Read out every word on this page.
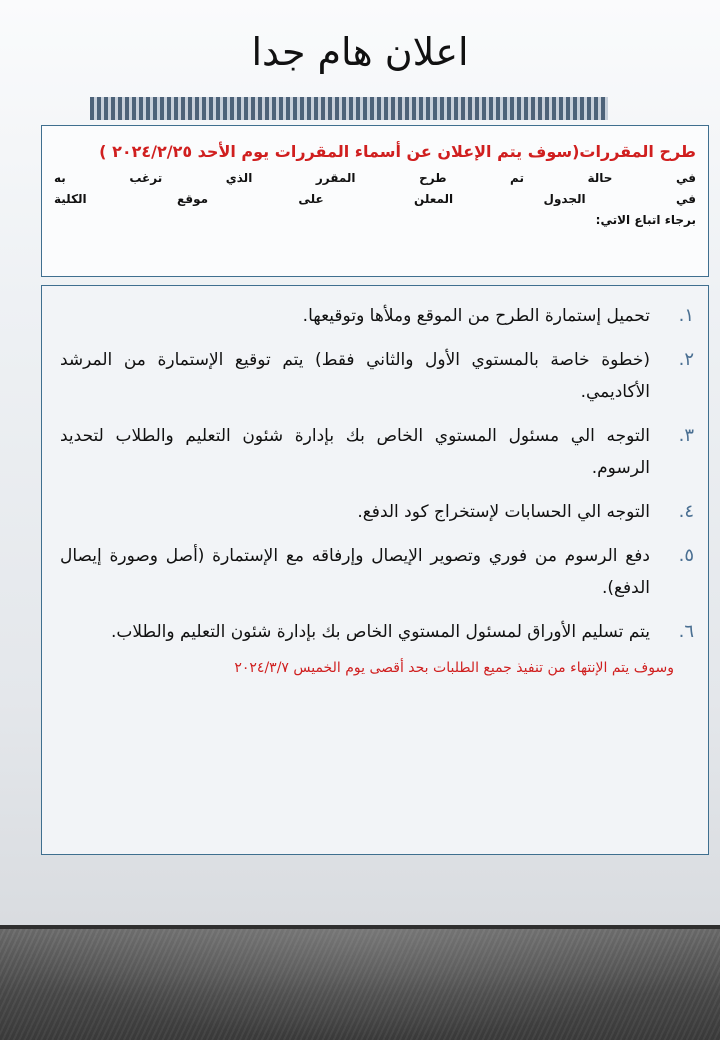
اعلان هام جدا
طرح المقررات(سوف يتم الإعلان عن أسماء المقررات يوم الأحد ٢٠٢٤/٢/٢٥ )
في حالة تم طرح المقرر الذي ترغب به
في الجدول المعلن على موقع الكلية
برجاء اتباع الاتي:
١.
تحميل إستمارة الطرح من الموقع وملأها وتوقيعها.
٢.
(خطوة خاصة بالمستوي الأول والثاني فقط) يتم توقيع الإستمارة من المرشد الأكاديمي.
٣.
التوجه الي مسئول المستوي الخاص بك بإدارة شئون التعليم والطلاب لتحديد الرسوم.
٤.
التوجه الي الحسابات لإستخراج كود الدفع.
٥.
دفع الرسوم من فوري وتصوير الإيصال وإرفاقه مع الإستمارة (أصل وصورة إيصال الدفع).
٦.
يتم تسليم الأوراق لمسئول المستوي الخاص بك بإدارة شئون التعليم والطلاب.
وسوف يتم الإنتهاء من تنفيذ جميع الطلبات بحد أقصى يوم الخميس ٢٠٢٤/٣/٧
